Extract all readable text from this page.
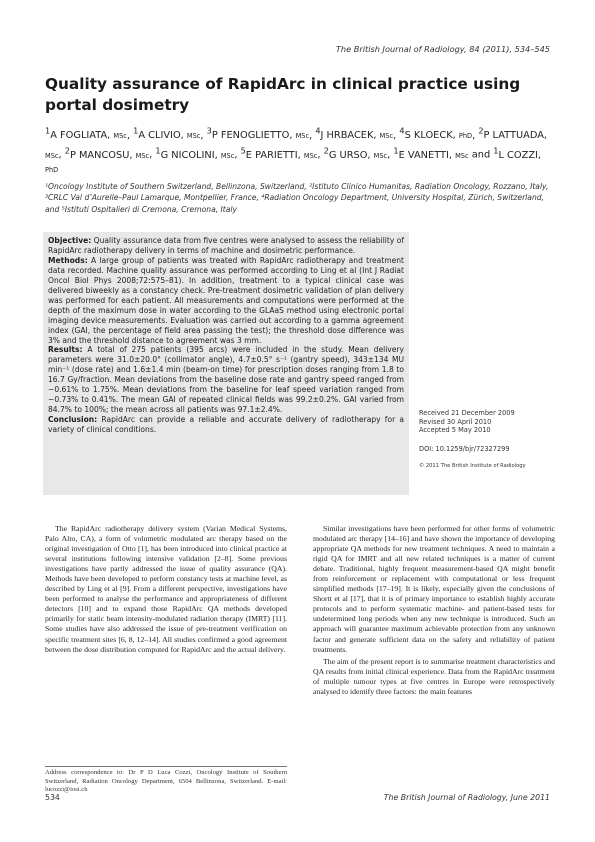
The British Journal of Radiology, 84 (2011), 534–545
Quality assurance of RapidArc in clinical practice using portal dosimetry
$^1$A FOGLIATA, MSc, $^1$A CLIVIO, MSc, $^3$P FENOGLIETTO, MSc, $^4$J HRBACEK, MSc, $^4$S KLOECK, PhD, $^2$P LATTUADA, MSc, $^2$P MANCOSU, MSc, $^1$G NICOLINI, MSc, $^5$E PARIETTI, MSc, $^2$G URSO, MSc, $^1$E VANETTI, MSc and $^1$L COZZI, PhD
¹Oncology Institute of Southern Switzerland, Bellinzona, Switzerland, ²Istituto Clinico Humanitas, Radiation Oncology, Rozzano, Italy, ³CRLC Val d’Aurelle–Paul Lamarque, Montpellier, France, ⁴Radiation Oncology Department, University Hospital, Zürich, Switzerland, and ⁵Istituti Ospitalieri di Cremona, Cremona, Italy
Objective: Quality assurance data from five centres were analysed to assess the reliability of RapidArc radiotherapy delivery in terms of machine and dosimetric performance.
Methods: A large group of patients was treated with RapidArc radiotherapy and treatment data recorded. Machine quality assurance was performed according to Ling et al (Int J Radiat Oncol Biol Phys 2008;72:575–81). In addition, treatment to a typical clinical case was delivered biweekly as a constancy check. Pre-treatment dosimetric validation of plan delivery was performed for each patient. All measurements and computations were performed at the depth of the maximum dose in water according to the GLAaS method using electronic portal imaging device measurements. Evaluation was carried out according to a gamma agreement index (GAI, the percentage of field area passing the test); the threshold dose difference was 3% and the threshold distance to agreement was 3 mm.
Results: A total of 275 patients (395 arcs) were included in the study. Mean delivery parameters were 31.0±20.0° (collimator angle), 4.7±0.5° s⁻¹ (gantry speed), 343±134 MU min⁻¹ (dose rate) and 1.6±1.4 min (beam-on time) for prescription doses ranging from 1.8 to 16.7 Gy/fraction. Mean deviations from the baseline dose rate and gantry speed ranged from −0.61% to 1.75%. Mean deviations from the baseline for leaf speed variation ranged from −0.73% to 0.41%. The mean GAI of repeated clinical fields was 99.2±0.2%. GAI varied from 84.7% to 100%; the mean across all patients was 97.1±2.4%.
Conclusion: RapidArc can provide a reliable and accurate delivery of radiotherapy for a variety of clinical conditions.
Received 21 December 2009
Revised 30 April 2010
Accepted 5 May 2010
DOI: 10.1259/bjr/72327299
© 2011 The British Institute of Radiology
The RapidArc radiotherapy delivery system (Varian Medical Systems, Palo Alto, CA), a form of volumetric modulated arc therapy based on the original investigation of Otto [1], has been introduced into clinical practice at several institutions following intensive validation [2–8]. Some previous investigations have partly addressed the issue of quality assurance (QA). Methods have been developed to perform constancy tests at machine level, as described by Ling et al [9]. From a different perspective, investigations have been performed to analyse the performance and appropriateness of different detectors [10] and to expand those RapidArc QA methods developed primarily for static beam intensity-modulated radiation therapy (IMRT) [11]. Some studies have also addressed the issue of pre-treatment verification on specific treatment sites [6, 8, 12–14]. All studies confirmed a good agreement between the dose distribution computed for RapidArc and the actual delivery.

Similar investigations have been performed for other forms of volumetric modulated arc therapy [14–16] and have shown the importance of developing appropriate QA methods for new treatment techniques. A need to maintain a rigid QA for IMRT and all new related techniques is a matter of current debate. Traditional, highly frequent measurement-based QA might benefit from reinforcement or replacement with computational or less frequent simplified methods [17–19]. It is likely, especially given the conclusions of Shortt et al [17], that it is of primary importance to establish highly accurate protocols and to perform systematic machine- and patient-based tests for undetermined long periods when any new technique is introduced. Such an approach will guarantee maximum achievable protection from any unknown factor and generate sufficient data on the safety and reliability of patient treatments.

The aim of the present report is to summarise treatment characteristics and QA results from initial clinical experience. Data from the RapidArc treatment of multiple tumour types at five centres in Europe were retrospectively analysed to identify three factors: the main features

Address correspondence to: Dr P D Luca Cozzi, Oncology Institute of Southern Switzerland, Radiation Oncology Department, 6504 Bellinzona, Switzerland. E-mail: lucozzi@iosi.ch
534	The British Journal of Radiology, June 2011
